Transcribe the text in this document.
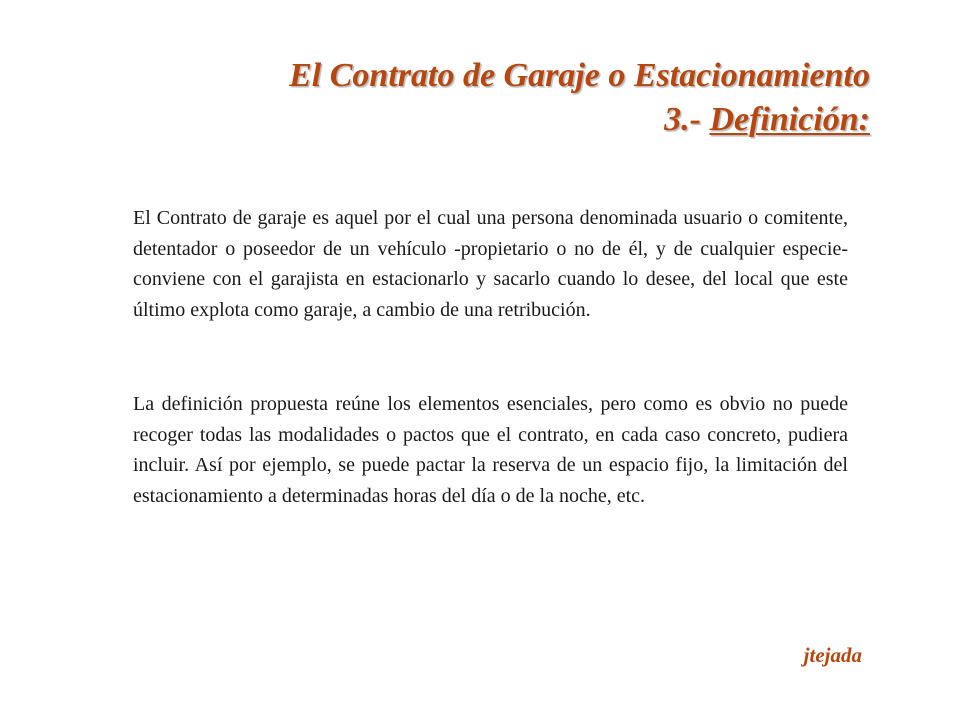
El Contrato de Garaje o Estacionamiento
3.- Definición:
El Contrato de garaje es aquel por el cual una persona denominada usuario o comitente, detentador o poseedor de un vehículo -propietario o no de él, y de cualquier especie- conviene con el garajista en estacionarlo y sacarlo cuando lo desee, del local que este último explota como garaje, a cambio de una retribución.
La definición propuesta reúne los elementos esenciales, pero como es obvio no puede recoger todas las modalidades o pactos que el contrato, en cada caso concreto, pudiera incluir. Así por ejemplo, se puede pactar la reserva de un espacio fijo, la limitación del estacionamiento a determinadas horas del día o de la noche, etc.
jtejada
